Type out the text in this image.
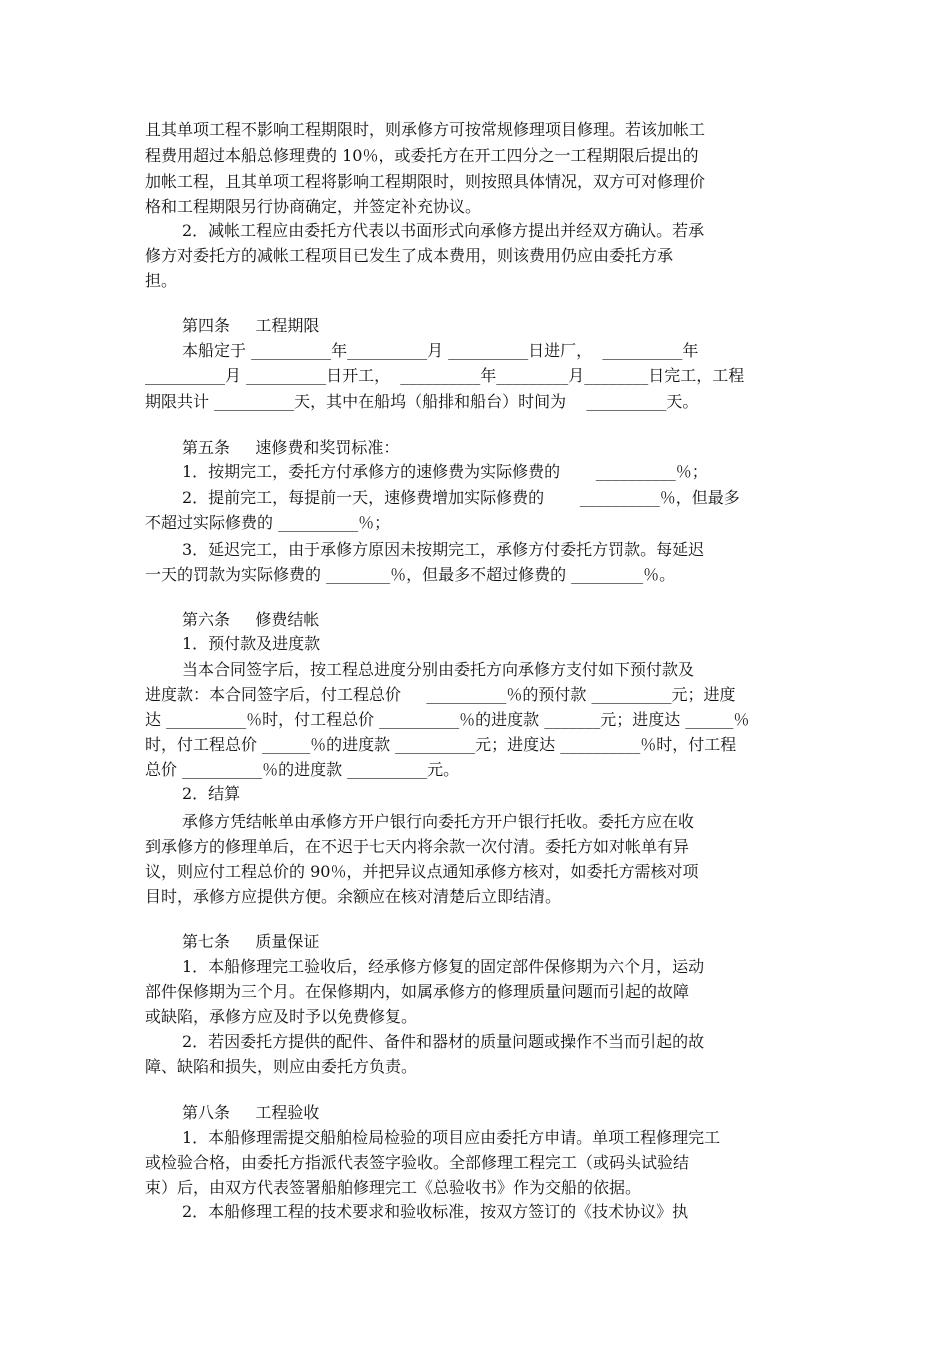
且其单项工程不影响工程期限时，则承修方可按常规修理项目修理。若该加帐工
程费用超过本船总修理费的 10％，或委托方在开工四分之一工程期限后提出的
加帐工程，且其单项工程将影响工程期限时，则按照具体情况，双方可对修理价
格和工程期限另行协商确定，并签定补充协议。
2．减帐工程应由委托方代表以书面形式向承修方提出并经双方确认。若承
修方对委托方的减帐工程项目已发生了成本费用，则该费用仍应由委托方承
担。
第四条     工程期限
本船定于 __________年__________月 __________日进厂，  __________年
__________月 __________日开工，  __________年_________月________日完工，工程
期限共计 __________天，其中在船坞（船排和船台）时间为    __________天。
第五条     速修费和奖罚标准：
1．按期完工，委托方付承修方的速修费为实际修费的       __________％；
2．提前完工，每提前一天，速修费增加实际修费的       __________％，但最多
不超过实际修费的 __________％；
3．延迟完工，由于承修方原因未按期完工，承修方付委托方罚款。每延迟
一天的罚款为实际修费的 ________％，但最多不超过修费的 _________％。
第六条     修费结帐
1．预付款及进度款
当本合同签字后，按工程总进度分别由委托方向承修方支付如下预付款及
进度款：本合同签字后，付工程总价     __________％的预付款 __________元；进度
达 __________％时，付工程总价 __________％的进度款 _______元；进度达 ______％
时，付工程总价 ______％的进度款 __________元；进度达 __________％时，付工程
总价 __________％的进度款 __________元。
2．结算
承修方凭结帐单由承修方开户银行向委托方开户银行托收。委托方应在收
到承修方的修理单后，在不迟于七天内将余款一次付清。委托方如对帐单有异
议，则应付工程总价的 90％，并把异议点通知承修方核对，如委托方需核对项
目时，承修方应提供方便。余额应在核对清楚后立即结清。
第七条     质量保证
1．本船修理完工验收后，经承修方修复的固定部件保修期为六个月，运动
部件保修期为三个月。在保修期内，如属承修方的修理质量问题而引起的故障
或缺陷，承修方应及时予以免费修复。
2．若因委托方提供的配件、备件和器材的质量问题或操作不当而引起的故
障、缺陷和损失，则应由委托方负责。
第八条     工程验收
1．本船修理需提交船舶检局检验的项目应由委托方申请。单项工程修理完工
或检验合格，由委托方指派代表签字验收。全部修理工程完工（或码头试验结
束）后，由双方代表签署船舶修理完工《总验收书》作为交船的依据。
2．本船修理工程的技术要求和验收标准，按双方签订的《技术协议》执
